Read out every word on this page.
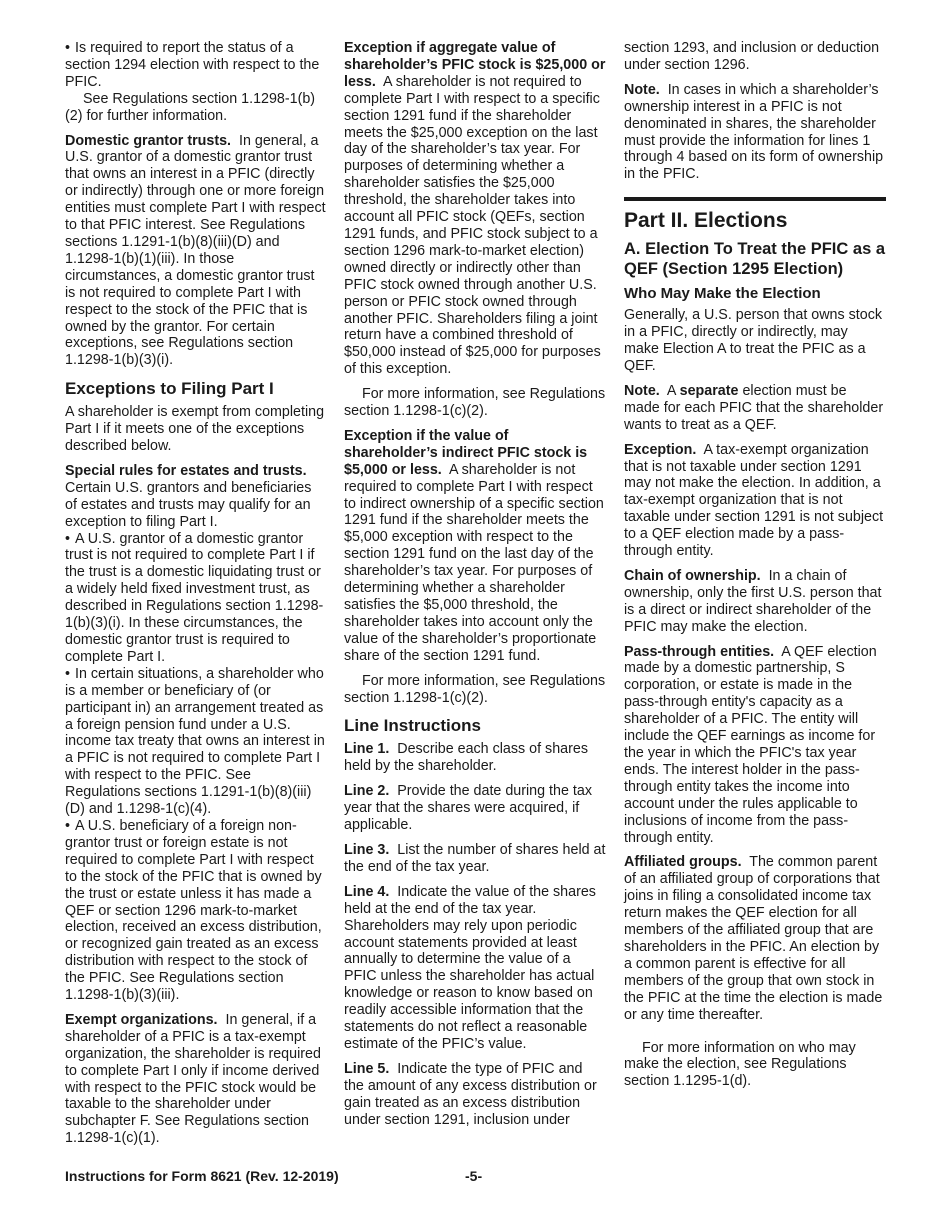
• Is required to report the status of a section 1294 election with respect to the PFIC.

See Regulations section 1.1298-1(b)(2) for further information.

Domestic grantor trusts. In general, a U.S. grantor of a domestic grantor trust that owns an interest in a PFIC (directly or indirectly) through one or more foreign entities must complete Part I with respect to that PFIC interest. See Regulations sections 1.1291-1(b)(8)(iii)(D) and 1.1298-1(b)(1)(iii). In those circumstances, a domestic grantor trust is not required to complete Part I with respect to the stock of the PFIC that is owned by the grantor. For certain exceptions, see Regulations section 1.1298-1(b)(3)(i).

Exceptions to Filing Part I

A shareholder is exempt from completing Part I if it meets one of the exceptions described below.

Special rules for estates and trusts. Certain U.S. grantors and beneficiaries of estates and trusts may qualify for an exception to filing Part I.

• A U.S. grantor of a domestic grantor trust is not required to complete Part I if the trust is a domestic liquidating trust or a widely held fixed investment trust, as described in Regulations section 1.1298-1(b)(3)(i). In these circumstances, the domestic grantor trust is required to complete Part I.

• In certain situations, a shareholder who is a member or beneficiary of (or participant in) an arrangement treated as a foreign pension fund under a U.S. income tax treaty that owns an interest in a PFIC is not required to complete Part I with respect to the PFIC. See Regulations sections 1.1291-1(b)(8)(iii)(D) and 1.1298-1(c)(4).

• A U.S. beneficiary of a foreign non-grantor trust or foreign estate is not required to complete Part I with respect to the stock of the PFIC that is owned by the trust or estate unless it has made a QEF or section 1296 mark-to-market election, received an excess distribution, or recognized gain treated as an excess distribution with respect to the stock of the PFIC. See Regulations section 1.1298-1(b)(3)(iii).

Exempt organizations. In general, if a shareholder of a PFIC is a tax-exempt organization, the shareholder is required to complete Part I only if income derived with respect to the PFIC stock would be taxable to the shareholder under subchapter F. See Regulations section 1.1298-1(c)(1).

Exception if aggregate value of shareholder’s PFIC stock is $25,000 or less. A shareholder is not required to complete Part I with respect to a specific section 1291 fund if the shareholder meets the $25,000 exception on the last day of the shareholder’s tax year. For purposes of determining whether a shareholder satisfies the $25,000 threshold, the shareholder takes into account all PFIC stock (QEFs, section 1291 funds, and PFIC stock subject to a section 1296 mark-to-market election) owned directly or indirectly other than PFIC stock owned through another U.S. person or PFIC stock owned through another PFIC. Shareholders filing a joint return have a combined threshold of $50,000 instead of $25,000 for purposes of this exception.

For more information, see Regulations section 1.1298-1(c)(2).

Exception if the value of shareholder’s indirect PFIC stock is $5,000 or less. A shareholder is not required to complete Part I with respect to indirect ownership of a specific section 1291 fund if the shareholder meets the $5,000 exception with respect to the section 1291 fund on the last day of the shareholder’s tax year. For purposes of determining whether a shareholder satisfies the $5,000 threshold, the shareholder takes into account only the value of the shareholder’s proportionate share of the section 1291 fund.

For more information, see Regulations section 1.1298-1(c)(2).

Line Instructions

Line 1. Describe each class of shares held by the shareholder.

Line 2. Provide the date during the tax year that the shares were acquired, if applicable.

Line 3. List the number of shares held at the end of the tax year.

Line 4. Indicate the value of the shares held at the end of the tax year. Shareholders may rely upon periodic account statements provided at least annually to determine the value of a PFIC unless the shareholder has actual knowledge or reason to know based on readily accessible information that the statements do not reflect a reasonable estimate of the PFIC’s value.

Line 5. Indicate the type of PFIC and the amount of any excess distribution or gain treated as an excess distribution under section 1291, inclusion under

section 1293, and inclusion or deduction under section 1296.

Note. In cases in which a shareholder’s ownership interest in a PFIC is not denominated in shares, the shareholder must provide the information for lines 1 through 4 based on its form of ownership in the PFIC.

Part II. Elections
A. Election To Treat the PFIC as a QEF (Section 1295 Election)
Who May Make the Election

Generally, a U.S. person that owns stock in a PFIC, directly or indirectly, may make Election A to treat the PFIC as a QEF.

Note. A separate election must be made for each PFIC that the shareholder wants to treat as a QEF.

Exception. A tax-exempt organization that is not taxable under section 1291 may not make the election. In addition, a tax-exempt organization that is not taxable under section 1291 is not subject to a QEF election made by a pass-through entity.

Chain of ownership. In a chain of ownership, only the first U.S. person that is a direct or indirect shareholder of the PFIC may make the election.

Pass-through entities. A QEF election made by a domestic partnership, S corporation, or estate is made in the pass-through entity's capacity as a shareholder of a PFIC. The entity will include the QEF earnings as income for the year in which the PFIC's tax year ends. The interest holder in the pass-through entity takes the income into account under the rules applicable to inclusions of income from the pass-through entity.

Affiliated groups. The common parent of an affiliated group of corporations that joins in filing a consolidated income tax return makes the QEF election for all members of the affiliated group that are shareholders in the PFIC. An election by a common parent is effective for all members of the group that own stock in the PFIC at the time the election is made or any time thereafter.

For more information on who may make the election, see Regulations section 1.1295-1(d).

Instructions for Form 8621 (Rev. 12-2019)	-5-
